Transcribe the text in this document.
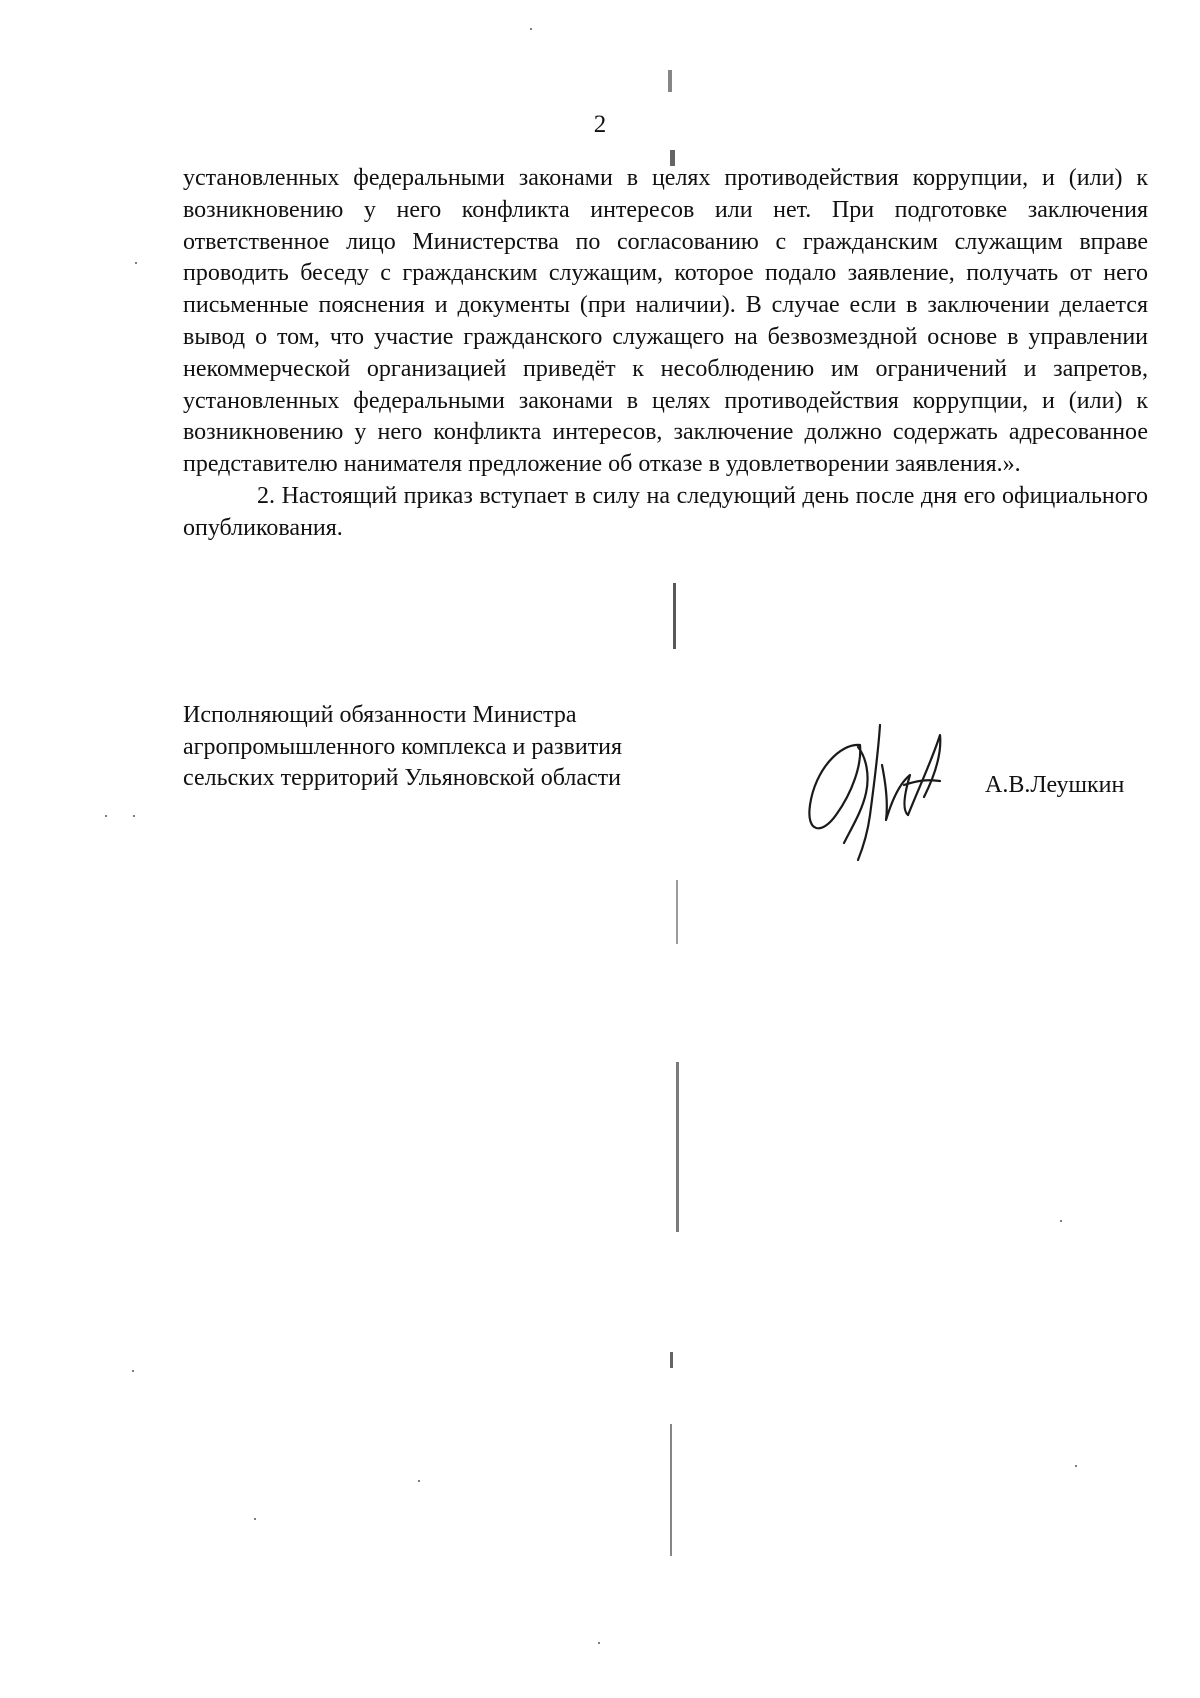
2

установленных федеральными законами в целях противодействия коррупции, и (или) к возникновению у него конфликта интересов или нет. При подготовке заключения ответственное лицо Министерства по согласованию с гражданским служащим вправе проводить беседу с гражданским служащим, которое подало заявление, получать от него письменные пояснения и документы (при наличии). В случае если в заключении делается вывод о том, что участие гражданского служащего на безвозмездной основе в управлении некоммерческой организацией приведёт к несоблюдению им ограничений и запретов, установленных федеральными законами в целях противодействия коррупции, и (или) к возникновению у него конфликта интересов, заключение должно содержать адресованное представителю нанимателя предложение об отказе в удовлетворении заявления.».

2. Настоящий приказ вступает в силу на следующий день после дня его официального опубликования.

Исполняющий обязанности Министра
агропромышленного комплекса и развития
сельских территорий Ульяновской области	А.В.Леушкин
